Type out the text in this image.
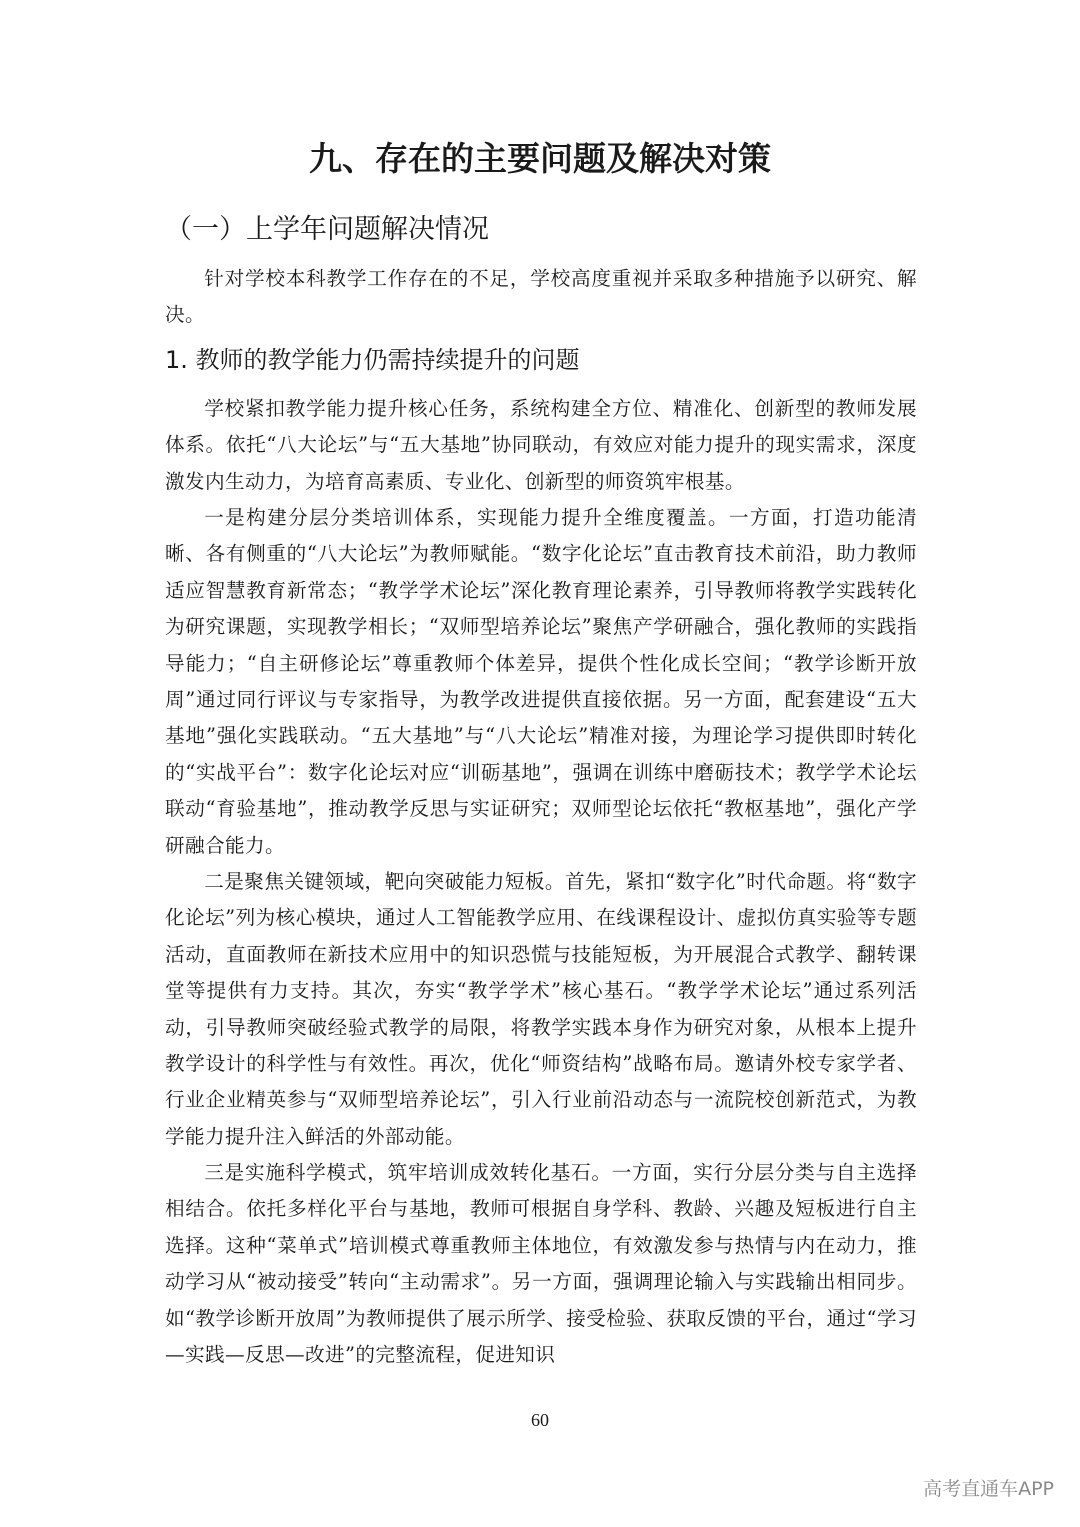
九、存在的主要问题及解决对策
（一）上学年问题解决情况

针对学校本科教学工作存在的不足，学校高度重视并采取多种措施予以研究、解决。

1. 教师的教学能力仍需持续提升的问题

学校紧扣教学能力提升核心任务，系统构建全方位、精准化、创新型的教师发展体系。依托“八大论坛”与“五大基地”协同联动，有效应对能力提升的现实需求，深度激发内生动力，为培育高素质、专业化、创新型的师资筑牢根基。

一是构建分层分类培训体系，实现能力提升全维度覆盖。一方面，打造功能清晰、各有侧重的“八大论坛”为教师赋能。“数字化论坛”直击教育技术前沿，助力教师适应智慧教育新常态；“教学学术论坛”深化教育理论素养，引导教师将教学实践转化为研究课题，实现教学相长；“双师型培养论坛”聚焦产学研融合，强化教师的实践指导能力；“自主研修论坛”尊重教师个体差异，提供个性化成长空间；“教学诊断开放周”通过同行评议与专家指导，为教学改进提供直接依据。另一方面，配套建设“五大基地”强化实践联动。“五大基地”与“八大论坛”精准对接，为理论学习提供即时转化的“实战平台”：数字化论坛对应“训砺基地”，强调在训练中磨砺技术；教学学术论坛联动“育验基地”，推动教学反思与实证研究；双师型论坛依托“教枢基地”，强化产学研融合能力。

二是聚焦关键领域，靶向突破能力短板。首先，紧扣“数字化”时代命题。将“数字化论坛”列为核心模块，通过人工智能教学应用、在线课程设计、虚拟仿真实验等专题活动，直面教师在新技术应用中的知识恐慌与技能短板，为开展混合式教学、翻转课堂等提供有力支持。其次，夯实“教学学术”核心基石。“教学学术论坛”通过系列活动，引导教师突破经验式教学的局限，将教学实践本身作为研究对象，从根本上提升教学设计的科学性与有效性。再次，优化“师资结构”战略布局。邀请外校专家学者、行业企业精英参与“双师型培养论坛”，引入行业前沿动态与一流院校创新范式，为教学能力提升注入鲜活的外部动能。

三是实施科学模式，筑牢培训成效转化基石。一方面，实行分层分类与自主选择相结合。依托多样化平台与基地，教师可根据自身学科、教龄、兴趣及短板进行自主选择。这种“菜单式”培训模式尊重教师主体地位，有效激发参与热情与内在动力，推动学习从“被动接受”转向“主动需求”。另一方面，强调理论输入与实践输出相同步。如“教学诊断开放周”为教师提供了展示所学、接受检验、获取反馈的平台，通过“学习—实践—反思—改进”的完整流程，促进知识

60
高考直通车APP
